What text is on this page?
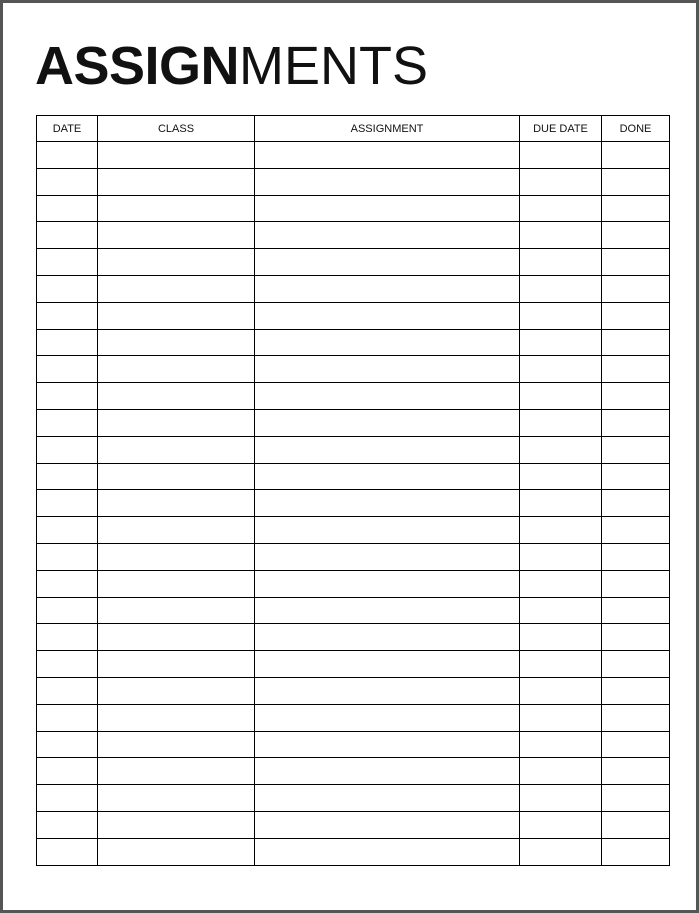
ASSIGNMENTS
DATE	CLASS	ASSIGNMENT	DUE DATE	DONE
